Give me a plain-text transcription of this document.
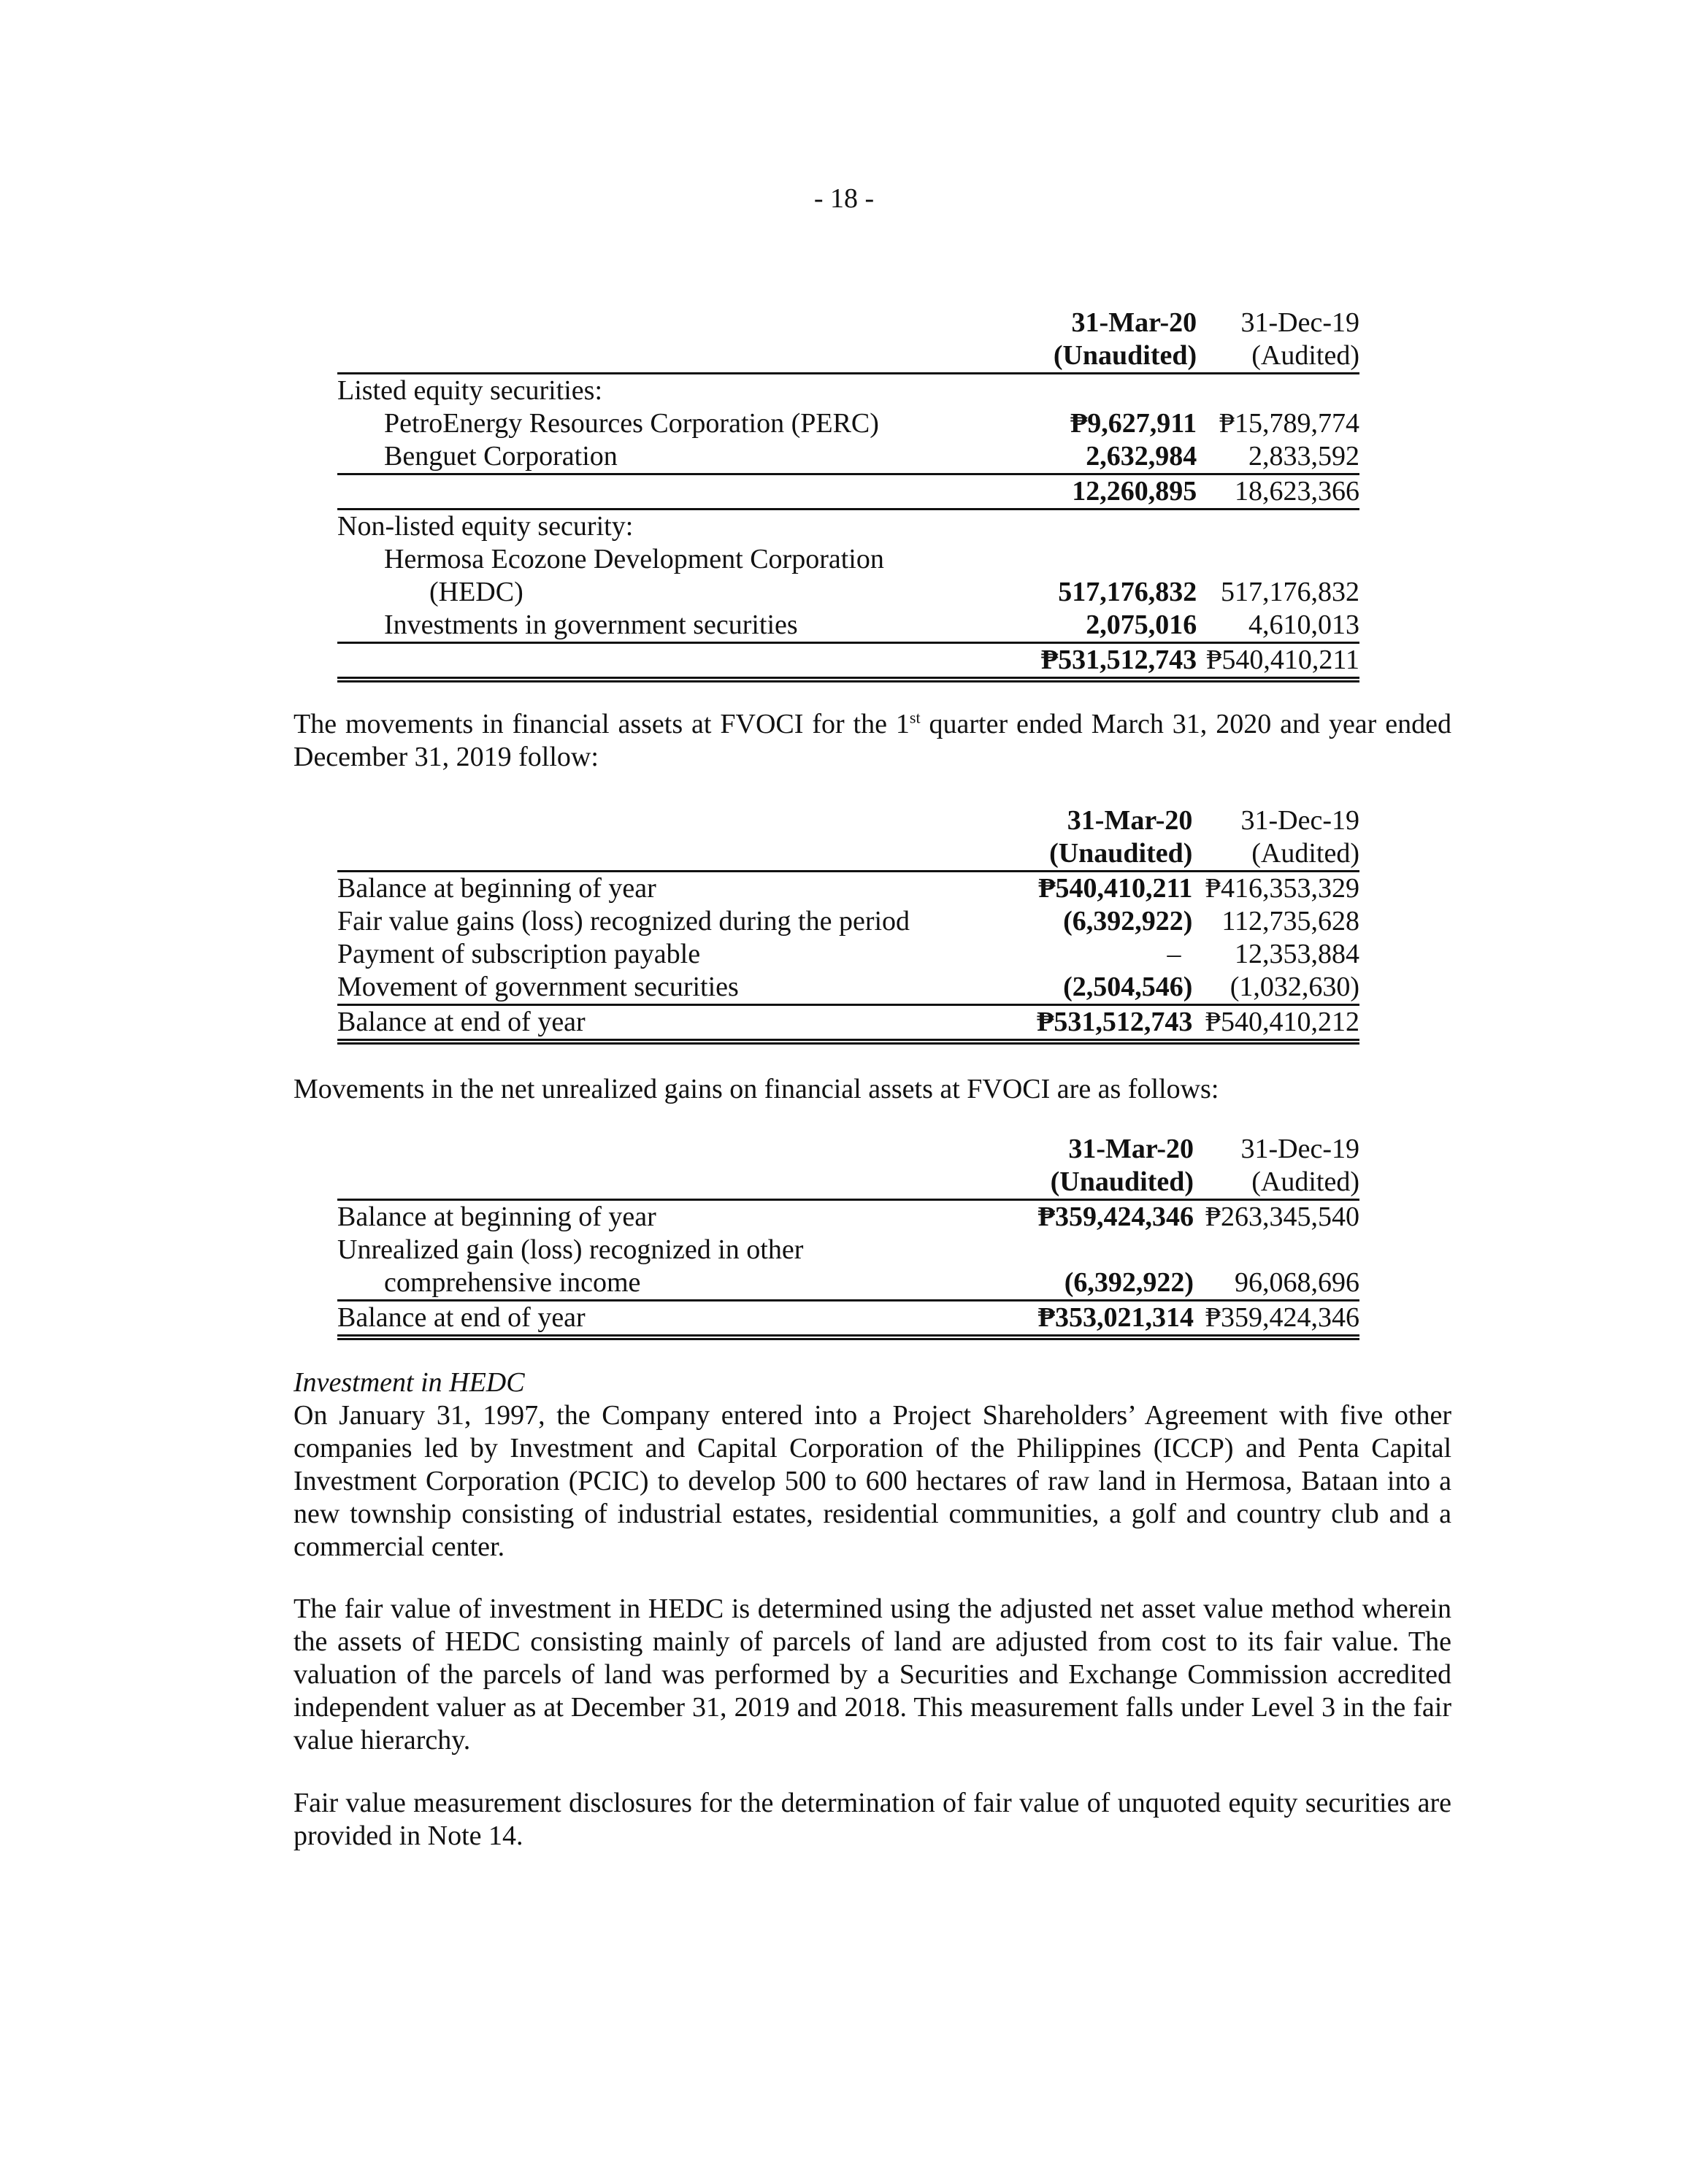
- 18 -
	31-Mar-20	31-Dec-19
	(Unaudited)	(Audited)
Listed equity securities:		
PetroEnergy Resources Corporation (PERC)	₱9,627,911	₱15,789,774
Benguet Corporation	2,632,984	2,833,592
	12,260,895	18,623,366
Non-listed equity security:		
Hermosa Ecozone Development Corporation		
(HEDC)	517,176,832	517,176,832
Investments in government securities	2,075,016	4,610,013
	₱531,512,743	₱540,410,211

The movements in financial assets at FVOCI for the 1st quarter ended March 31, 2020 and year ended December 31, 2019 follow:

	31-Mar-20	31-Dec-19
	(Unaudited)	(Audited)
Balance at beginning of year	₱540,410,211	₱416,353,329
Fair value gains (loss) recognized during the period	(6,392,922)	112,735,628
Payment of subscription payable	–	12,353,884
Movement of government securities	(2,504,546)	(1,032,630)
Balance at end of year	₱531,512,743	₱540,410,212

Movements in the net unrealized gains on financial assets at FVOCI are as follows:

	31-Mar-20	31-Dec-19
	(Unaudited)	(Audited)
Balance at beginning of year	₱359,424,346	₱263,345,540
Unrealized gain (loss) recognized in other		
comprehensive income	(6,392,922)	96,068,696
Balance at end of year	₱353,021,314	₱359,424,346

Investment in HEDC

On January 31, 1997, the Company entered into a Project Shareholders’ Agreement with five other companies led by Investment and Capital Corporation of the Philippines (ICCP) and Penta Capital Investment Corporation (PCIC) to develop 500 to 600 hectares of raw land in Hermosa, Bataan into a new township consisting of industrial estates, residential communities, a golf and country club and a commercial center.

The fair value of investment in HEDC is determined using the adjusted net asset value method wherein the assets of HEDC consisting mainly of parcels of land are adjusted from cost to its fair value. The valuation of the parcels of land was performed by a Securities and Exchange Commission accredited independent valuer as at December 31, 2019 and 2018. This measurement falls under Level 3 in the fair value hierarchy.

Fair value measurement disclosures for the determination of fair value of unquoted equity securities are provided in Note 14.
